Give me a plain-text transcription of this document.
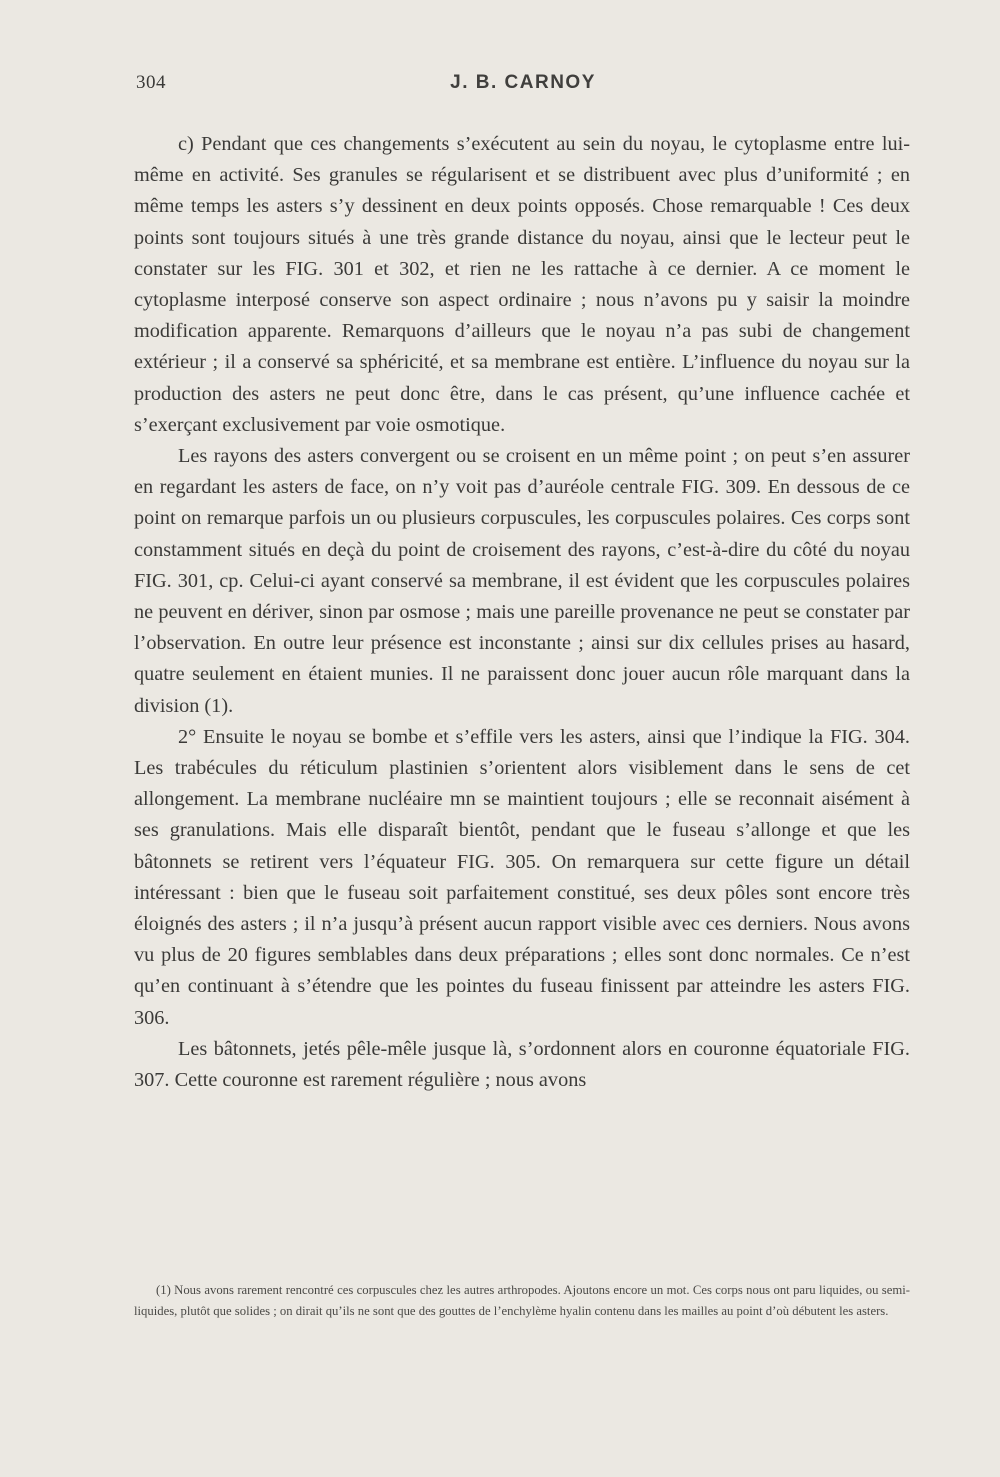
304	J. B. CARNOY

c) Pendant que ces changements s’exécutent au sein du noyau, le cytoplasme entre lui-même en activité. Ses granules se régularisent et se distribuent avec plus d’uniformité ; en même temps les asters s’y dessinent en deux points opposés. Chose remarquable ! Ces deux points sont toujours situés à une très grande distance du noyau, ainsi que le lecteur peut le constater sur les FIG. 301 et 302, et rien ne les rattache à ce dernier. A ce moment le cytoplasme interposé conserve son aspect ordinaire ; nous n’avons pu y saisir la moindre modification apparente. Remarquons d’ailleurs que le noyau n’a pas subi de changement extérieur ; il a conservé sa sphéricité, et sa membrane est entière. L’influence du noyau sur la production des asters ne peut donc être, dans le cas présent, qu’une influence cachée et s’exerçant exclusivement par voie osmotique.

Les rayons des asters convergent ou se croisent en un même point ; on peut s’en assurer en regardant les asters de face, on n’y voit pas d’auréole centrale FIG. 309. En dessous de ce point on remarque parfois un ou plusieurs corpuscules, les corpuscules polaires. Ces corps sont constamment situés en deçà du point de croisement des rayons, c’est-à-dire du côté du noyau FIG. 301, cp. Celui-ci ayant conservé sa membrane, il est évident que les corpuscules polaires ne peuvent en dériver, sinon par osmose ; mais une pareille provenance ne peut se constater par l’observation. En outre leur présence est inconstante ; ainsi sur dix cellules prises au hasard, quatre seulement en étaient munies. Il ne paraissent donc jouer aucun rôle marquant dans la division (1).

2° Ensuite le noyau se bombe et s’effile vers les asters, ainsi que l’indique la FIG. 304. Les trabécules du réticulum plastinien s’orientent alors visiblement dans le sens de cet allongement. La membrane nucléaire mn se maintient toujours ; elle se reconnait aisément à ses granulations. Mais elle disparaît bientôt, pendant que le fuseau s’allonge et que les bâtonnets se retirent vers l’équateur FIG. 305. On remarquera sur cette figure un détail intéressant : bien que le fuseau soit parfaitement constitué, ses deux pôles sont encore très éloignés des asters ; il n’a jusqu’à présent aucun rapport visible avec ces derniers. Nous avons vu plus de 20 figures semblables dans deux préparations ; elles sont donc normales. Ce n’est qu’en continuant à s’étendre que les pointes du fuseau finissent par atteindre les asters FIG. 306.

Les bâtonnets, jetés pêle-mêle jusque là, s’ordonnent alors en couronne équatoriale FIG. 307. Cette couronne est rarement régulière ; nous avons

(1) Nous avons rarement rencontré ces corpuscules chez les autres arthropodes. Ajoutons encore un mot. Ces corps nous ont paru liquides, ou semi-liquides, plutôt que solides ; on dirait qu’ils ne sont que des gouttes de l’enchylème hyalin contenu dans les mailles au point d’où débutent les asters.
